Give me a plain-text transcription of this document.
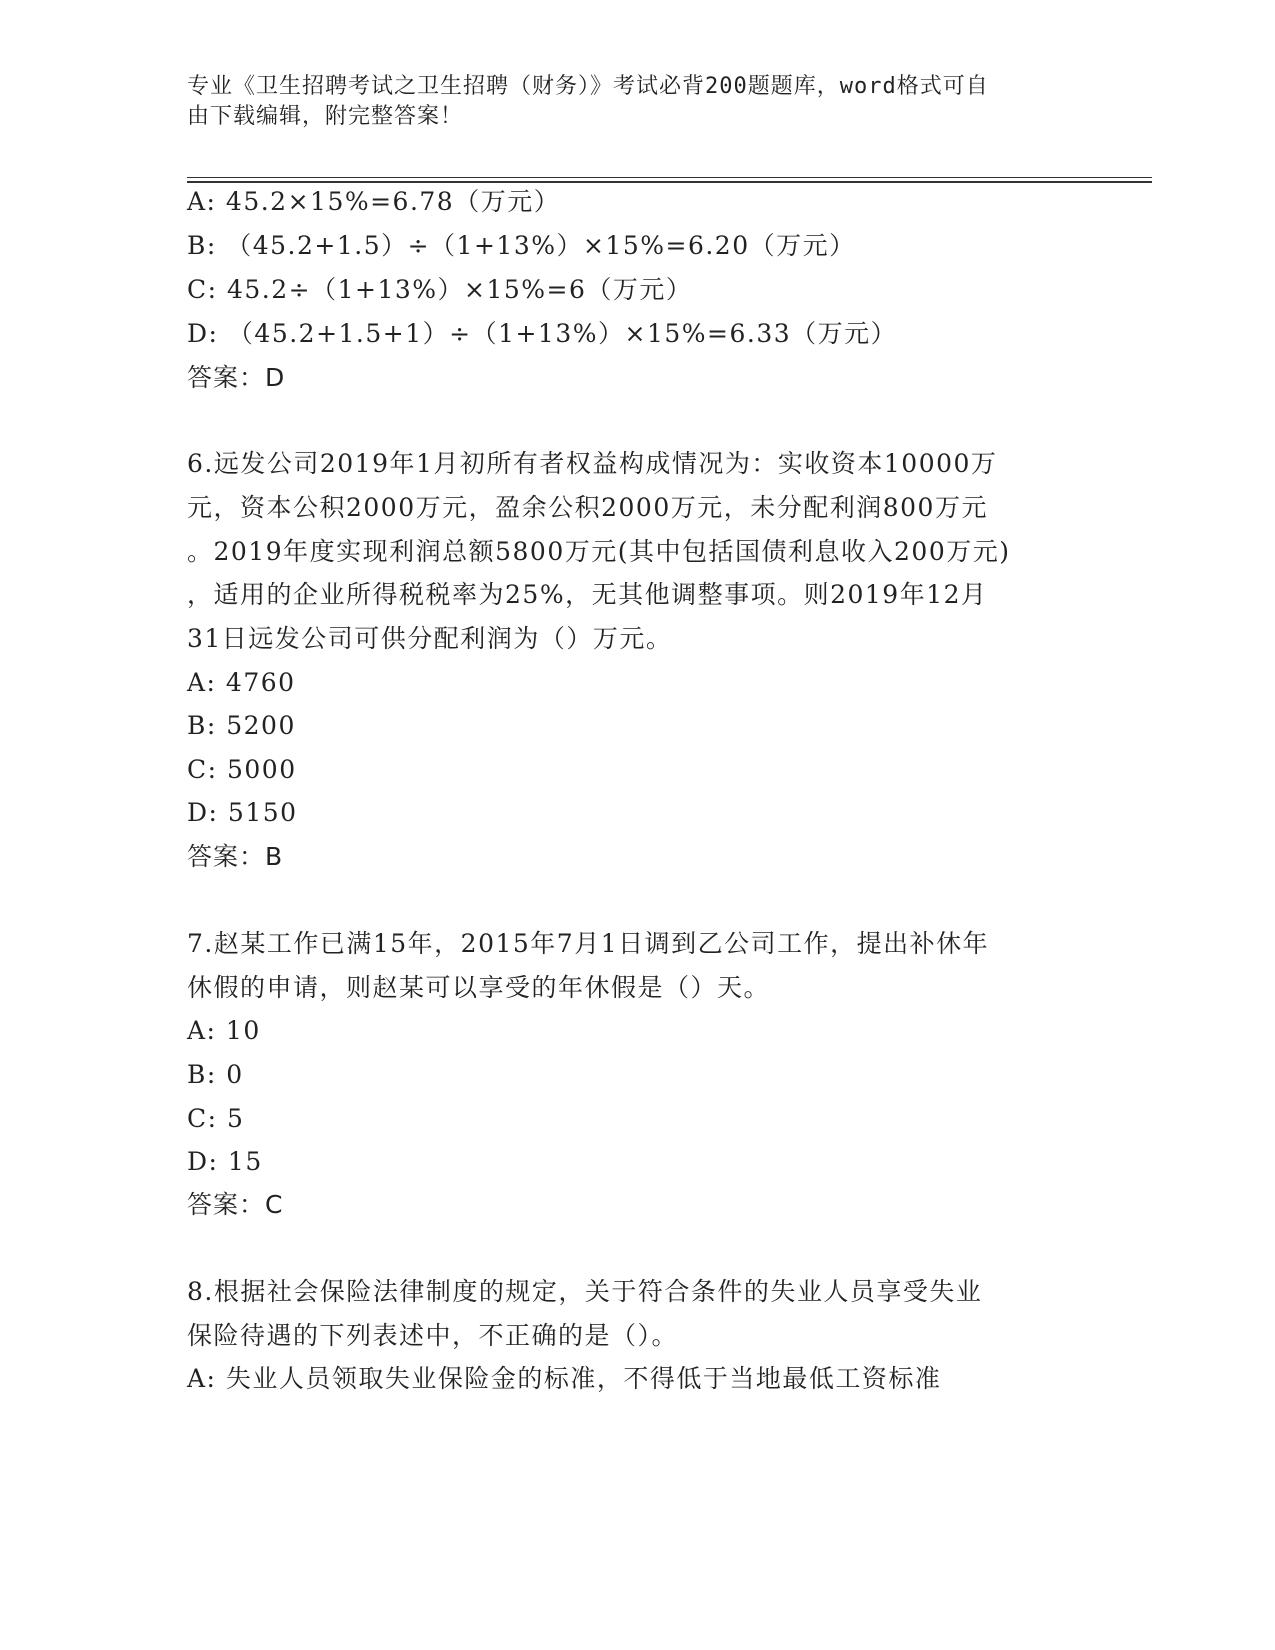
专业《卫生招聘考试之卫生招聘（财务）》考试必背200题题库，word格式可自
由下载编辑，附完整答案！
A: 45.2×15%=6.78（万元）
B: （45.2+1.5）÷（1+13%）×15%=6.20（万元）
C: 45.2÷（1+13%）×15%=6（万元）
D: （45.2+1.5+1）÷（1+13%）×15%=6.33（万元）
答案：D
6.远发公司2019年1月初所有者权益构成情况为：实收资本10000万
元，资本公积2000万元，盈余公积2000万元，未分配利润800万元
。2019年度实现利润总额5800万元(其中包括国债利息收入200万元)
，适用的企业所得税税率为25%，无其他调整事项。则2019年12月
31日远发公司可供分配利润为（）万元。
A: 4760
B: 5200
C: 5000
D: 5150
答案：B
7.赵某工作已满15年，2015年7月1日调到乙公司工作，提出补休年
休假的申请，则赵某可以享受的年休假是（）天。
A: 10
B: 0
C: 5
D: 15
答案：C
8.根据社会保险法律制度的规定，关于符合条件的失业人员享受失业
保险待遇的下列表述中，不正确的是（）。
A: 失业人员领取失业保险金的标准，不得低于当地最低工资标准
